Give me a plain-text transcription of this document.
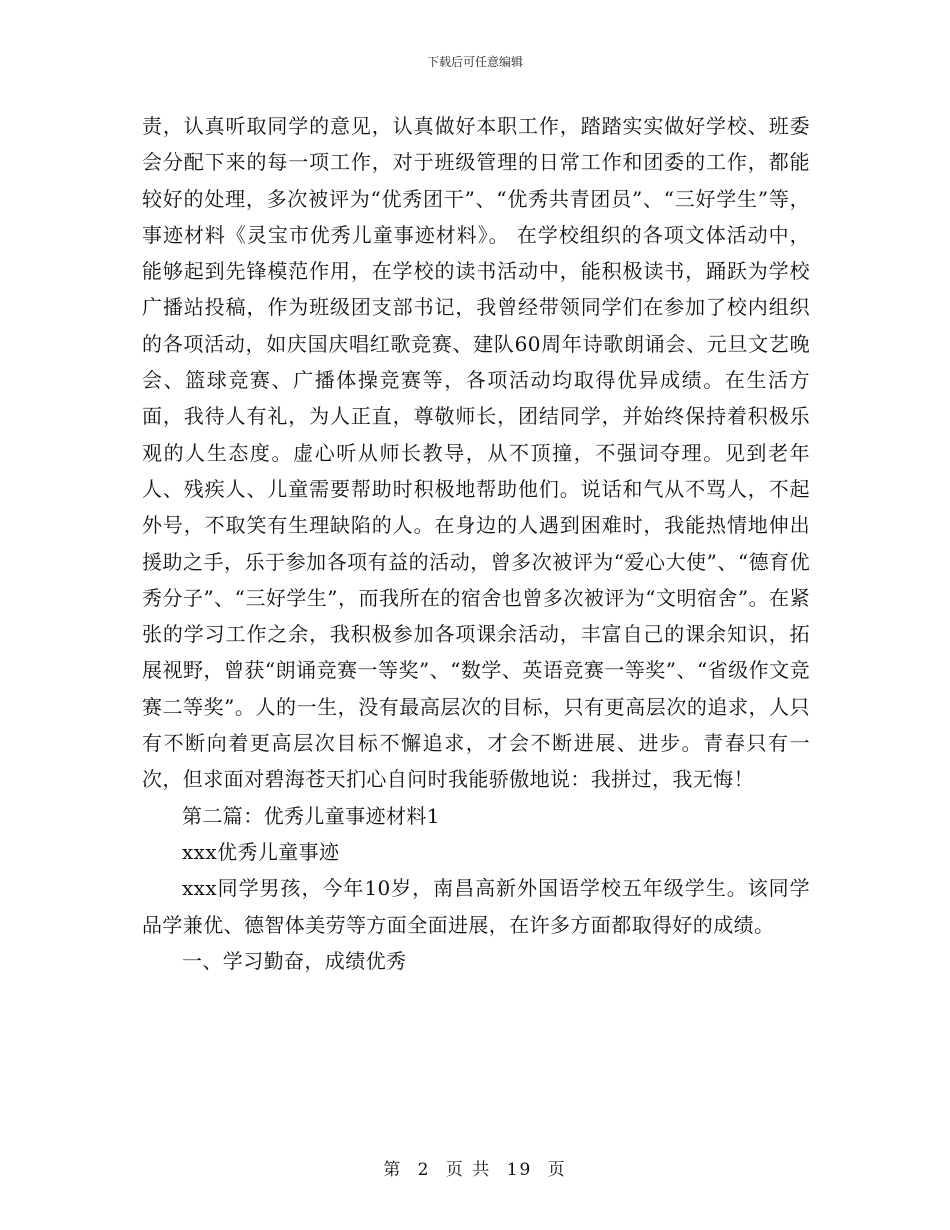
下载后可任意编辑

责，认真听取同学的意见，认真做好本职工作，踏踏实实做好学校、班委会分配下来的每一项工作，对于班级管理的日常工作和团委的工作，都能较好的处理，多次被评为“优秀团干”、“优秀共青团员”、“三好学生”等，事迹材料《灵宝市优秀儿童事迹材料》。 在学校组织的各项文体活动中，能够起到先锋模范作用，在学校的读书活动中，能积极读书，踊跃为学校广播站投稿，作为班级团支部书记，我曾经带领同学们在参加了校内组织的各项活动，如庆国庆唱红歌竞赛、建队60周年诗歌朗诵会、元旦文艺晚会、篮球竞赛、广播体操竞赛等，各项活动均取得优异成绩。在生活方面，我待人有礼，为人正直，尊敬师长，团结同学，并始终保持着积极乐观的人生态度。虚心听从师长教导，从不顶撞，不强词夺理。见到老年人、残疾人、儿童需要帮助时积极地帮助他们。说话和气从不骂人，不起外号，不取笑有生理缺陷的人。在身边的人遇到困难时，我能热情地伸出援助之手，乐于参加各项有益的活动，曾多次被评为“爱心大使”、“德育优秀分子”、“三好学生”，而我所在的宿舍也曾多次被评为“文明宿舍”。在紧张的学习工作之余，我积极参加各项课余活动，丰富自己的课余知识，拓展视野，曾获“朗诵竞赛一等奖”、“数学、英语竞赛一等奖”、“省级作文竞赛二等奖”。人的一生，没有最高层次的目标，只有更高层次的追求，人只有不断向着更高层次目标不懈追求，才会不断进展、进步。青春只有一次，但求面对碧海苍天扪心自问时我能骄傲地说：我拼过，我无悔！

第二篇：优秀儿童事迹材料1

xxx优秀儿童事迹

xxx同学男孩，今年10岁，南昌高新外国语学校五年级学生。该同学品学兼优、德智体美劳等方面全面进展，在许多方面都取得好的成绩。

一、学习勤奋，成绩优秀

第 2 页 共 19 页
